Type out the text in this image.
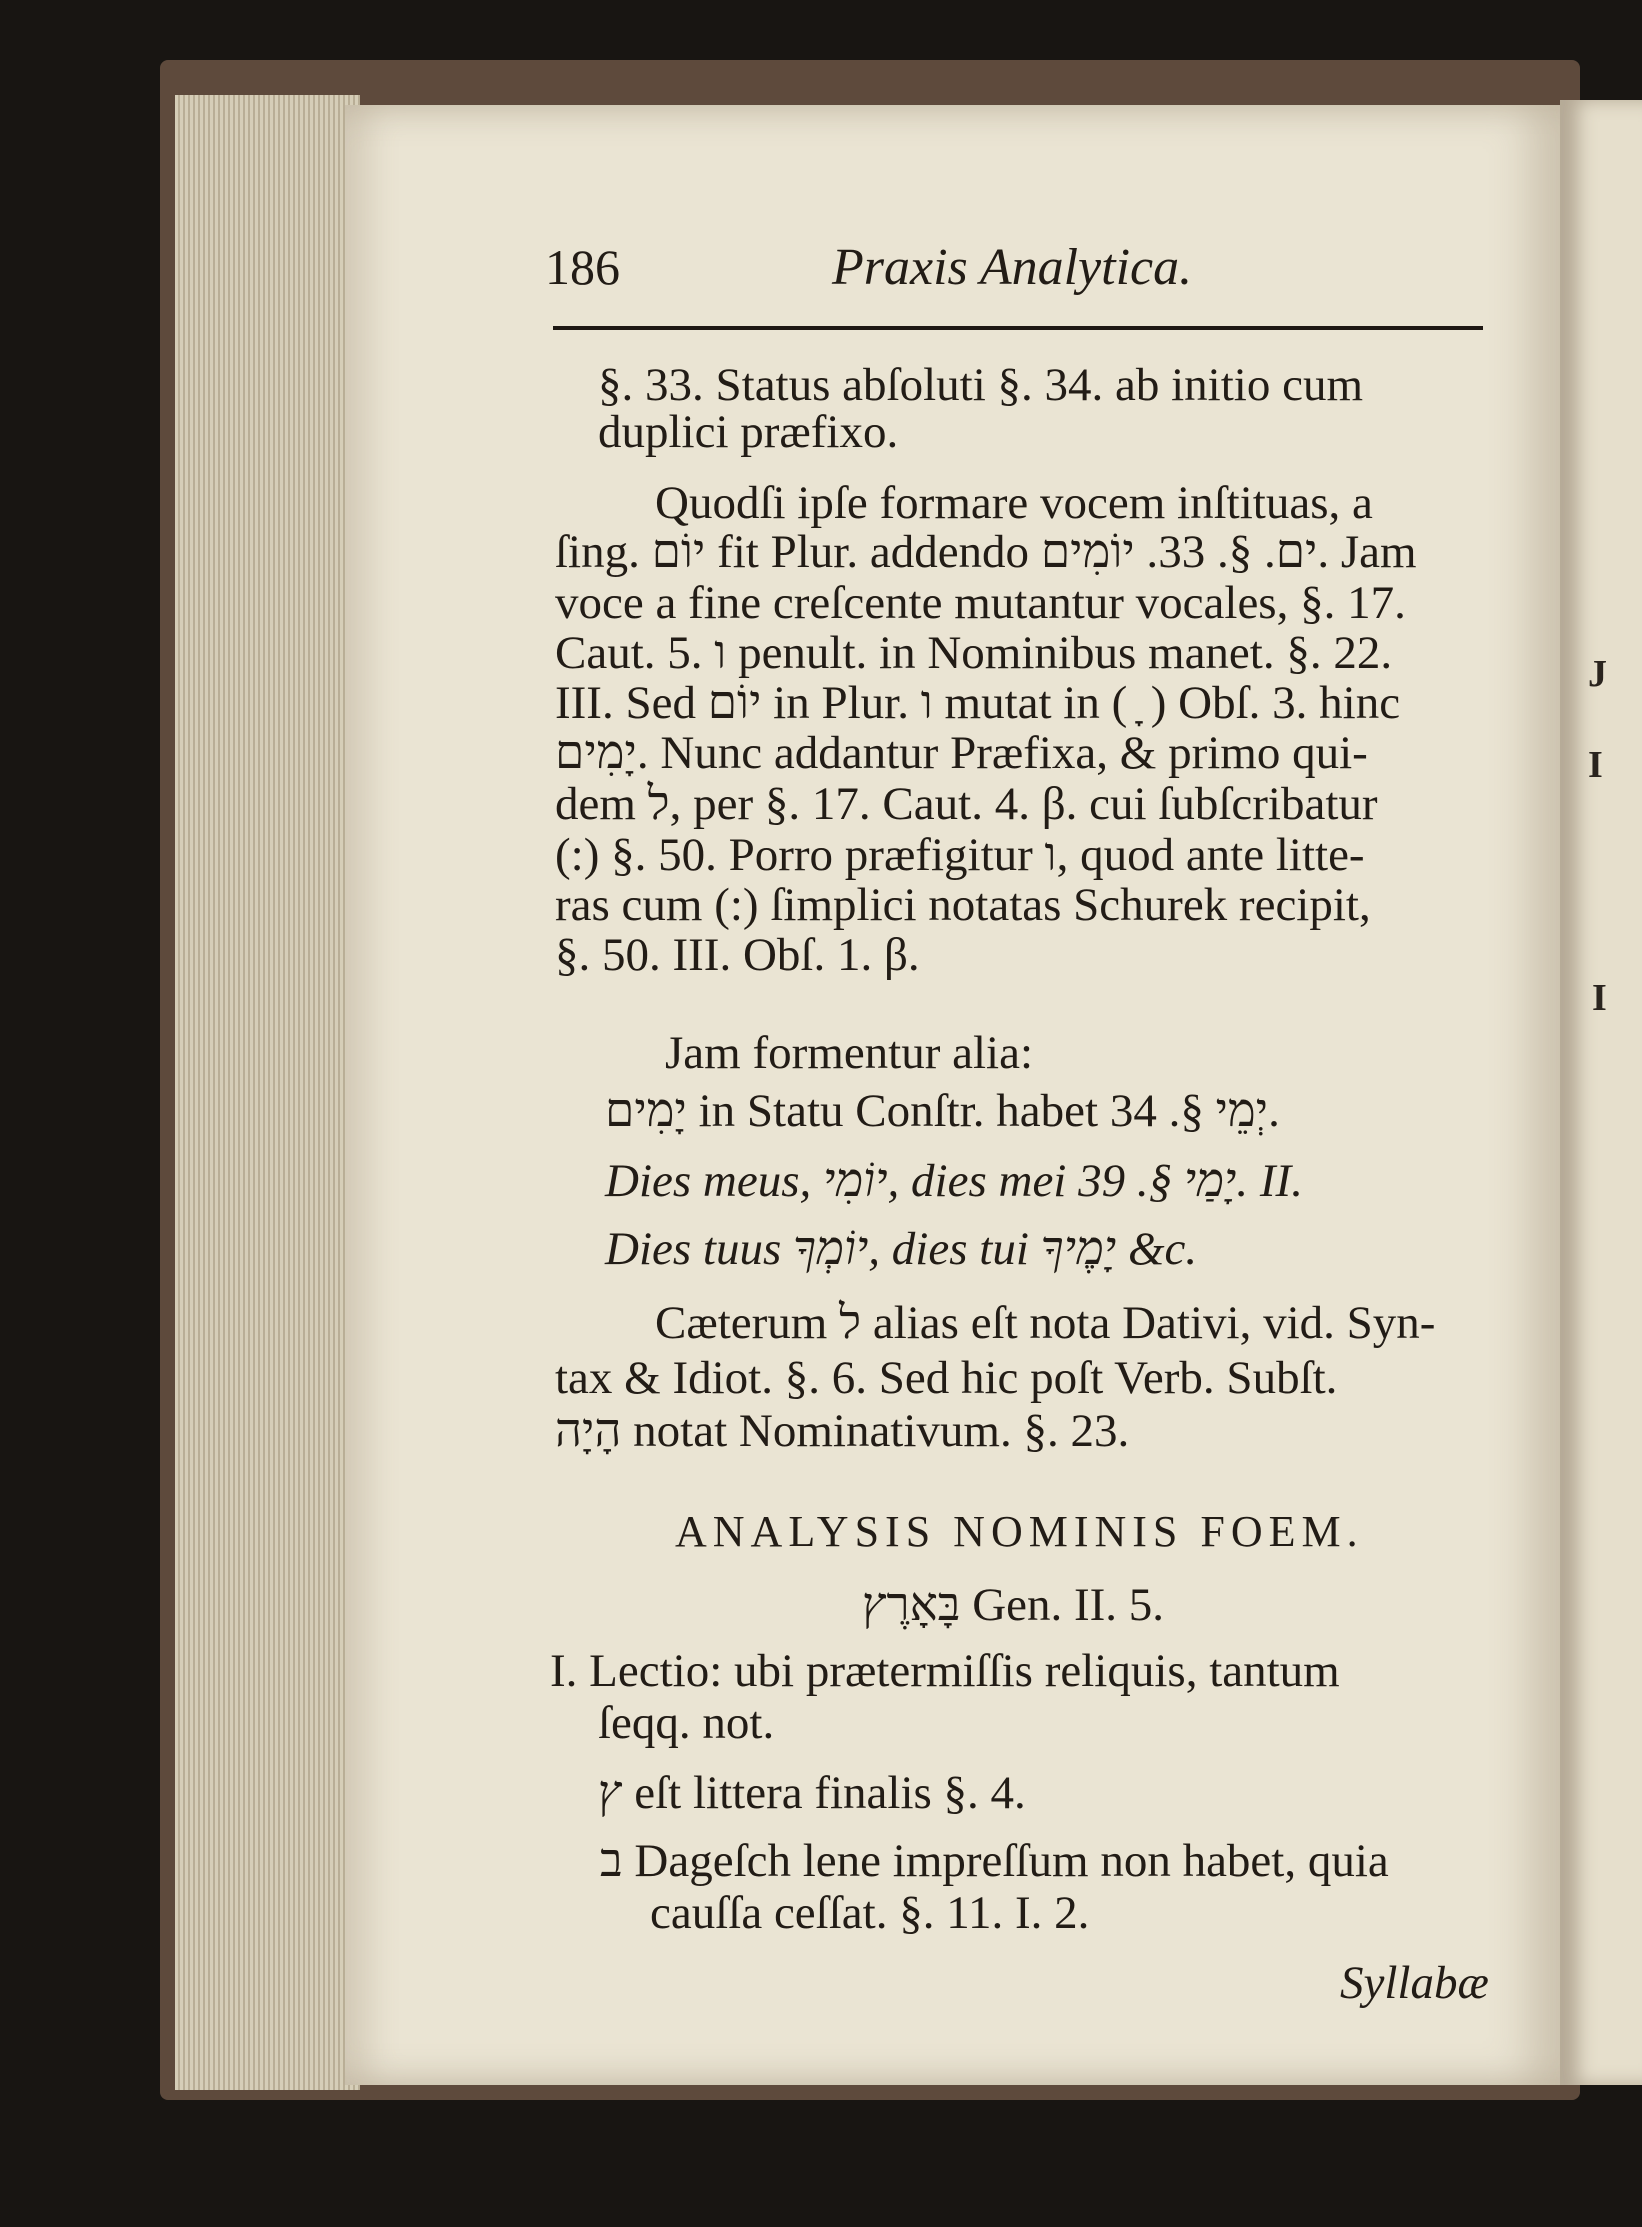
J
I
I
186	Praxis Analytica.
§. 33. Status abſoluti §. 34. ab initio cum
duplici præfixo.
Quodſi ipſe formare vocem inſtituas, a
ſing. יוֹם fit Plur. addendo ים. §. 33. יוֹמִים. Jam
voce a fine creſcente mutantur vocales, §. 17.
Caut. 5. ו penult. in Nominibus manet. §. 22.
III. Sed יוֹם in Plur. ו mutat in ( ָ ) Obſ. 3. hinc
יָמִים. Nunc addantur Præfixa, & primo qui-
dem ל, per §. 17. Caut. 4. β. cui ſubſcribatur
(:) §. 50. Porro præfigitur ו, quod ante litte-
ras cum (:) ſimplici notatas Schurek recipit,
§. 50. III. Obſ. 1. β.
Jam formentur alia:
יָמִים in Statu Conſtr. habet יְמֵי §. 34.
Dies meus, יוֹמִי, dies mei יָמַי §. 39. II.
Dies tuus יוֹמְךָ, dies tui יָמֶיךָ &c.
Cæterum ל alias eſt nota Dativi, vid. Syn-
tax & Idiot. §. 6. Sed hic poſt Verb. Subſt.
הָיָה notat Nominativum. §. 23.
ANALYSIS NOMINIS FOEM.
בָּאָרֶץ Gen. II. 5.
I. Lectio: ubi prætermiſſis reliquis, tantum
ſeqq. not.
ץ eſt littera finalis §. 4.
ב Dageſch lene impreſſum non habet, quia
cauſſa ceſſat. §. 11. I. 2.
Syllabæ
